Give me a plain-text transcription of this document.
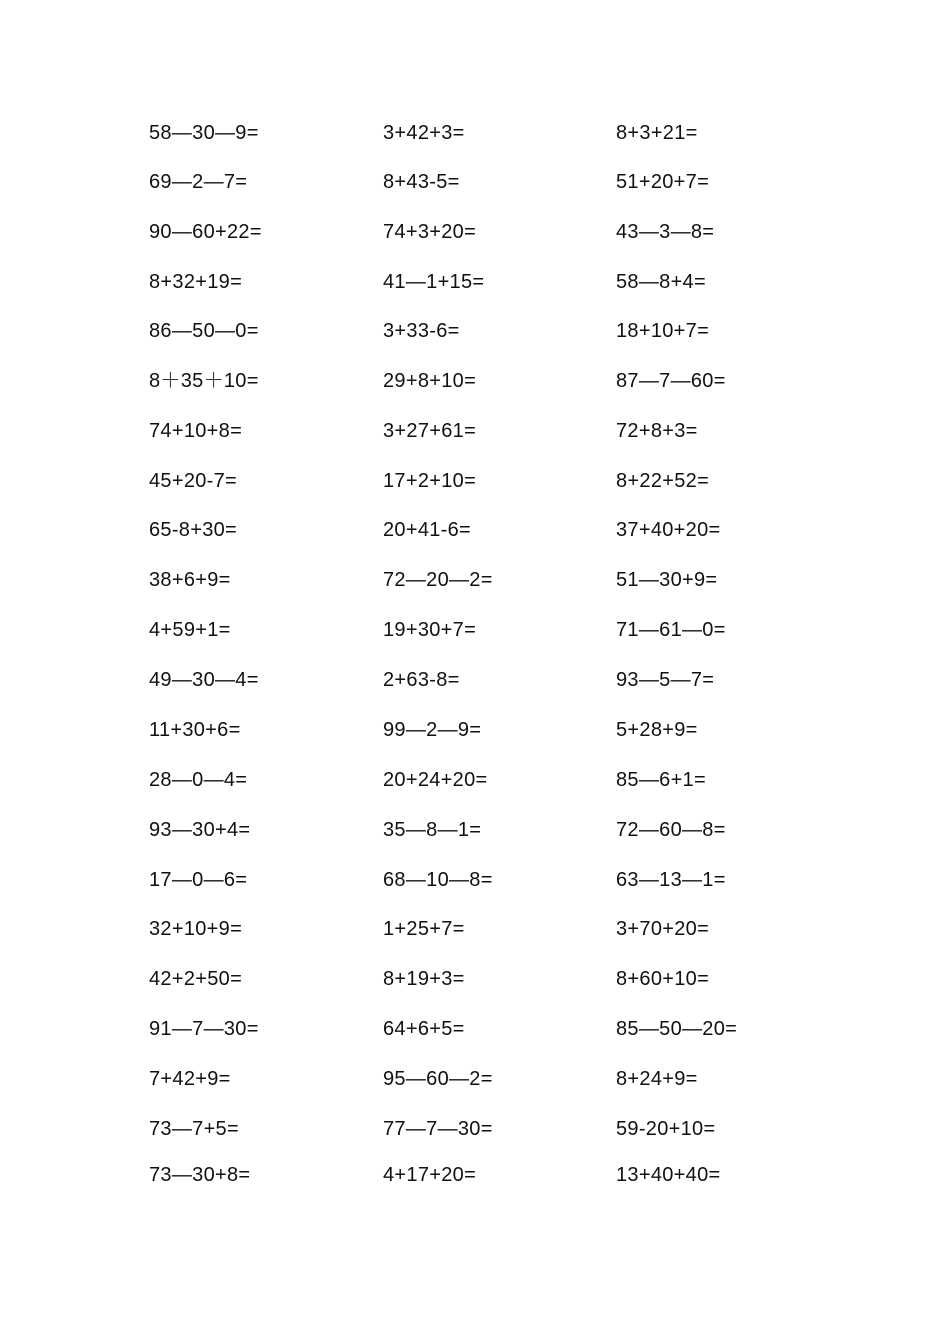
58—30—9=
69—2—7=
90—60+22=
8+32+19=
86—50—0=
8＋35＋10=
74+10+8=
45+20-7=
65-8+30=
38+6+9=
4+59+1=
49—30—4=
11+30+6=
28—0—4=
93—30+4=
17—0—6=
32+10+9=
42+2+50=
91—7—30=
7+42+9=
73—7+5=
73—30+8=
3+42+3=
8+43-5=
74+3+20=
41—1+15=
3+33-6=
29+8+10=
3+27+61=
17+2+10=
20+41-6=
72—20—2=
19+30+7=
2+63-8=
99—2—9=
20+24+20=
35—8—1=
68—10—8=
1+25+7=
8+19+3=
64+6+5=
95—60—2=
77—7—30=
4+17+20=
8+3+21=
51+20+7=
43—3—8=
58—8+4=
18+10+7=
87—7—60=
72+8+3=
8+22+52=
37+40+20=
51—30+9=
71—61—0=
93—5—7=
5+28+9=
85—6+1=
72—60—8=
63—13—1=
3+70+20=
8+60+10=
85—50—20=
8+24+9=
59-20+10=
13+40+40=
